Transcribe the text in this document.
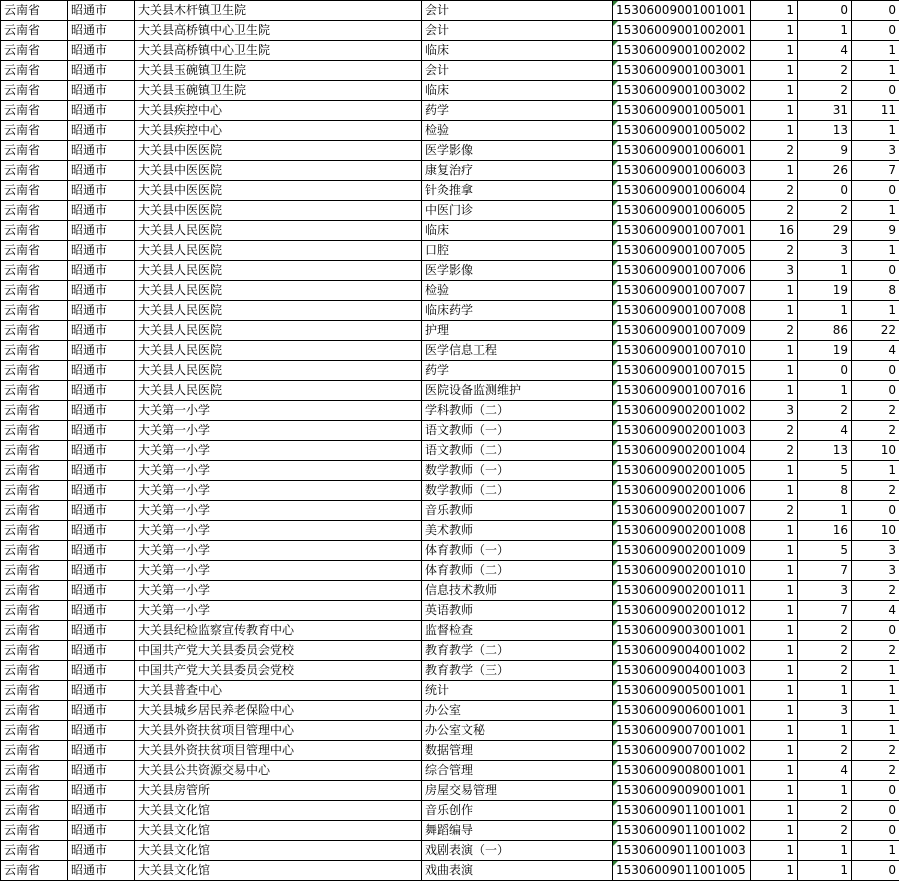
云南省	昭通市	大关县木杆镇卫生院	会计	15306009001001001	1	0	0
云南省	昭通市	大关县高桥镇中心卫生院	会计	15306009001002001	1	1	0
云南省	昭通市	大关县高桥镇中心卫生院	临床	15306009001002002	1	4	1
云南省	昭通市	大关县玉碗镇卫生院	会计	15306009001003001	1	2	1
云南省	昭通市	大关县玉碗镇卫生院	临床	15306009001003002	1	2	0
云南省	昭通市	大关县疾控中心	药学	15306009001005001	1	31	11
云南省	昭通市	大关县疾控中心	检验	15306009001005002	1	13	1
云南省	昭通市	大关县中医医院	医学影像	15306009001006001	2	9	3
云南省	昭通市	大关县中医医院	康复治疗	15306009001006003	1	26	7
云南省	昭通市	大关县中医医院	针灸推拿	15306009001006004	2	0	0
云南省	昭通市	大关县中医医院	中医门诊	15306009001006005	2	2	1
云南省	昭通市	大关县人民医院	临床	15306009001007001	16	29	9
云南省	昭通市	大关县人民医院	口腔	15306009001007005	2	3	1
云南省	昭通市	大关县人民医院	医学影像	15306009001007006	3	1	0
云南省	昭通市	大关县人民医院	检验	15306009001007007	1	19	8
云南省	昭通市	大关县人民医院	临床药学	15306009001007008	1	1	1
云南省	昭通市	大关县人民医院	护理	15306009001007009	2	86	22
云南省	昭通市	大关县人民医院	医学信息工程	15306009001007010	1	19	4
云南省	昭通市	大关县人民医院	药学	15306009001007015	1	0	0
云南省	昭通市	大关县人民医院	医院设备监测维护	15306009001007016	1	1	0
云南省	昭通市	大关第一小学	学科教师（二）	15306009002001002	3	2	2
云南省	昭通市	大关第一小学	语文教师（一）	15306009002001003	2	4	2
云南省	昭通市	大关第一小学	语文教师（二）	15306009002001004	2	13	10
云南省	昭通市	大关第一小学	数学教师（一）	15306009002001005	1	5	1
云南省	昭通市	大关第一小学	数学教师（二）	15306009002001006	1	8	2
云南省	昭通市	大关第一小学	音乐教师	15306009002001007	2	1	0
云南省	昭通市	大关第一小学	美术教师	15306009002001008	1	16	10
云南省	昭通市	大关第一小学	体育教师（一）	15306009002001009	1	5	3
云南省	昭通市	大关第一小学	体育教师（二）	15306009002001010	1	7	3
云南省	昭通市	大关第一小学	信息技术教师	15306009002001011	1	3	2
云南省	昭通市	大关第一小学	英语教师	15306009002001012	1	7	4
云南省	昭通市	大关县纪检监察宣传教育中心	监督检查	15306009003001001	1	2	0
云南省	昭通市	中国共产党大关县委员会党校	教育教学（二）	15306009004001002	1	2	2
云南省	昭通市	中国共产党大关县委员会党校	教育教学（三）	15306009004001003	1	2	1
云南省	昭通市	大关县普查中心	统计	15306009005001001	1	1	1
云南省	昭通市	大关县城乡居民养老保险中心	办公室	15306009006001001	1	3	1
云南省	昭通市	大关县外资扶贫项目管理中心	办公室文秘	15306009007001001	1	1	1
云南省	昭通市	大关县外资扶贫项目管理中心	数据管理	15306009007001002	1	2	2
云南省	昭通市	大关县公共资源交易中心	综合管理	15306009008001001	1	4	2
云南省	昭通市	大关县房管所	房屋交易管理	15306009009001001	1	1	0
云南省	昭通市	大关县文化馆	音乐创作	15306009011001001	1	2	0
云南省	昭通市	大关县文化馆	舞蹈编导	15306009011001002	1	2	0
云南省	昭通市	大关县文化馆	戏剧表演（一）	15306009011001003	1	1	1
云南省	昭通市	大关县文化馆	戏曲表演	15306009011001005	1	1	0
